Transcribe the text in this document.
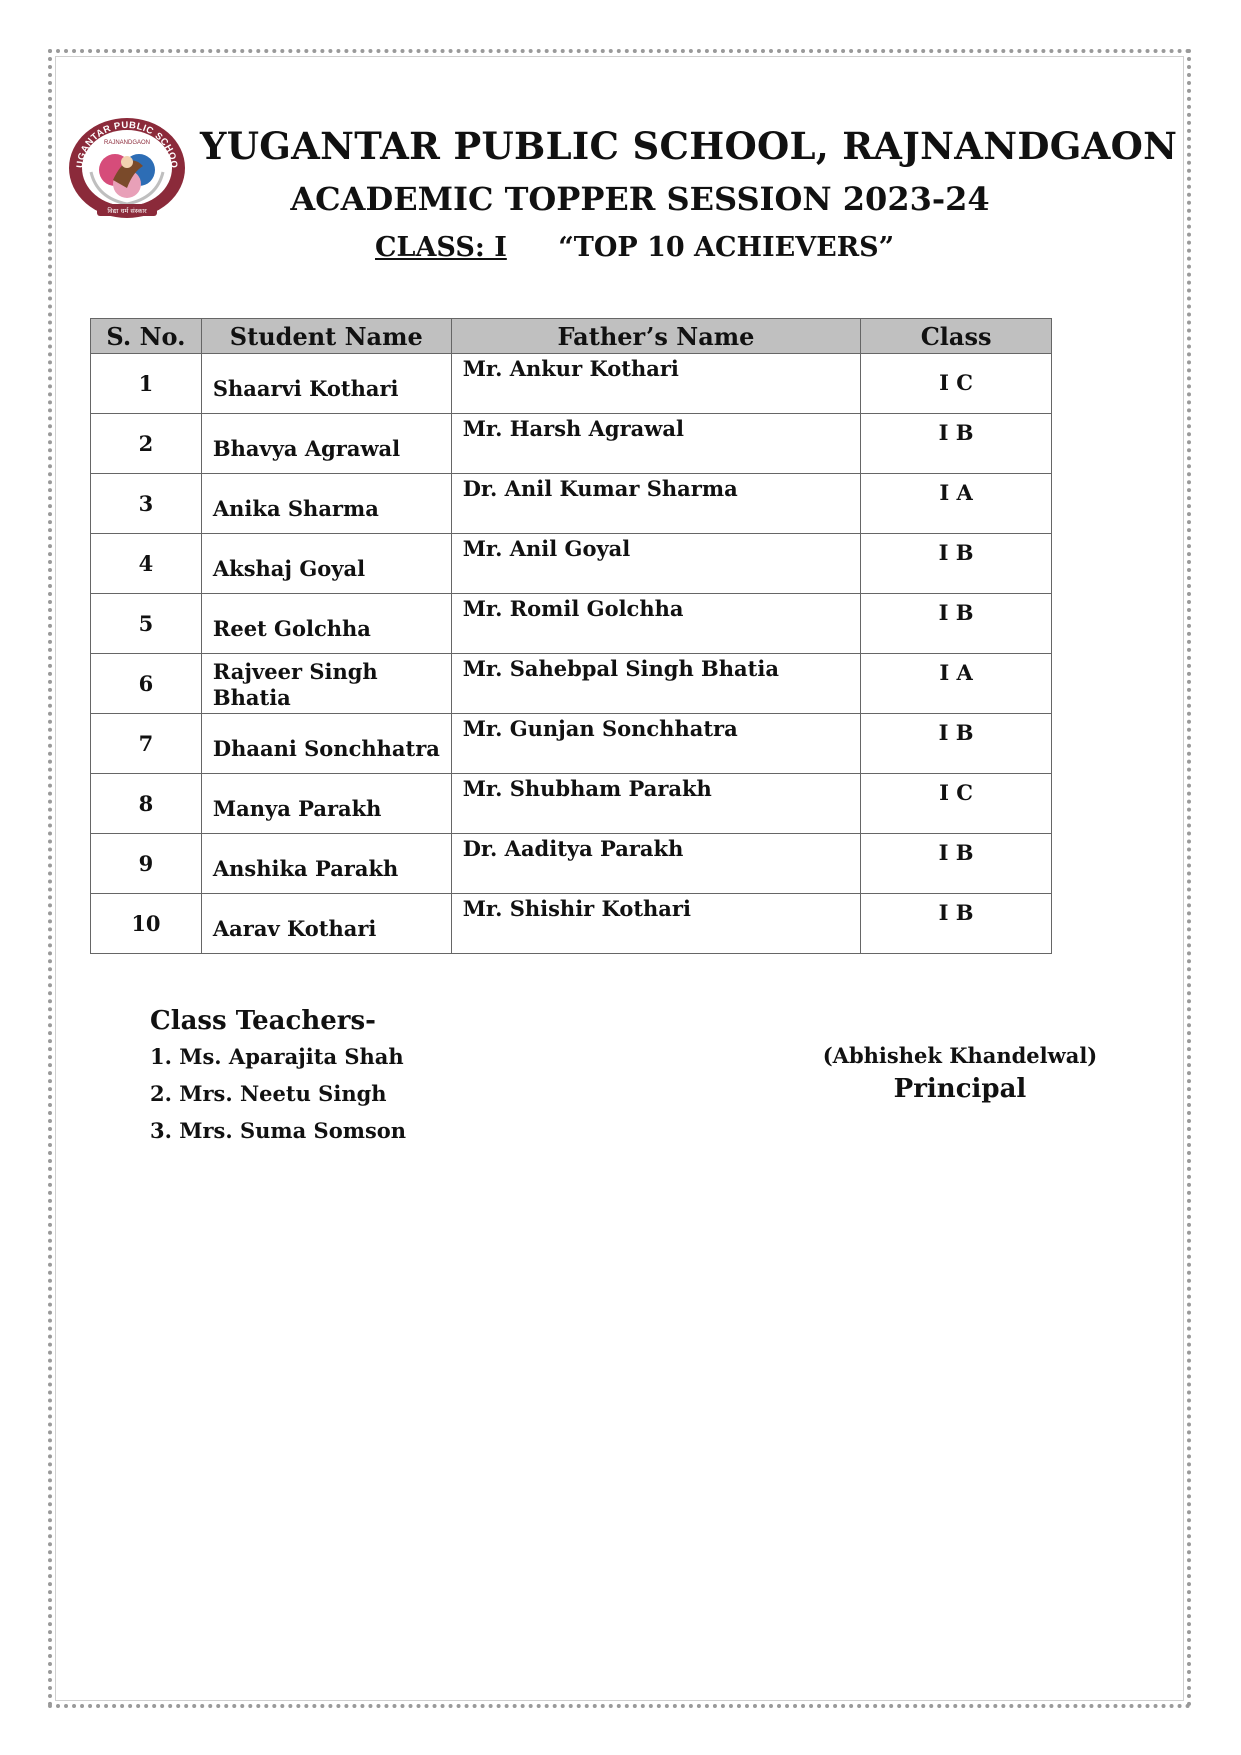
UGANTAR PUBLIC SCHOO
RAJNANDGAON
विद्या धर्म संस्कार
YUGANTAR PUBLIC SCHOOL, RAJNANDGAON
ACADEMIC TOPPER SESSION 2023-24
CLASS: I “TOP 10 ACHIEVERS”
S. No.	Student Name	Father’s Name	Class
1	Shaarvi Kothari	Mr. Ankur Kothari	I C
2	Bhavya Agrawal	Mr. Harsh Agrawal	I B
3	Anika Sharma	Dr. Anil Kumar Sharma	I A
4	Akshaj Goyal	Mr. Anil Goyal	I B
5	Reet Golchha	Mr. Romil Golchha	I B
6	Rajveer Singh Bhatia	Mr. Sahebpal Singh Bhatia	I A
7	Dhaani Sonchhatra	Mr. Gunjan Sonchhatra	I B
8	Manya Parakh	Mr. Shubham Parakh	I C
9	Anshika Parakh	Dr. Aaditya Parakh	I B
10	Aarav Kothari	Mr. Shishir Kothari	I B
Class Teachers-
1. Ms. Aparajita Shah
2. Mrs. Neetu Singh
3. Mrs. Suma Somson
(Abhishek Khandelwal)
Principal
